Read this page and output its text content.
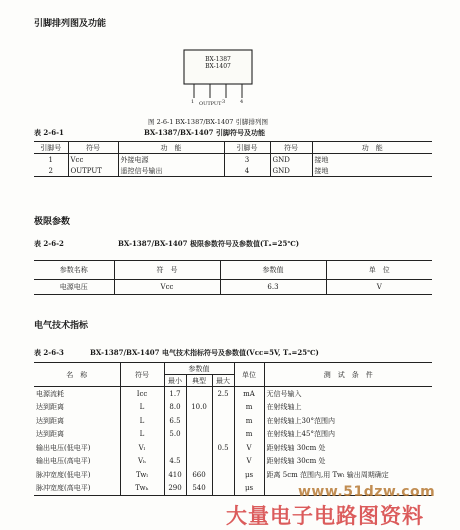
引脚排列图及功能
BX-1387
BX-1407
1 OUTPUT 3	4
图 2-6-1 BX-1387/BX-1407 引脚排列图
表 2-6-1	BX-1387/BX-1407 引脚符号及功能
引脚号	符号	功　能	引脚号	符号	功　能
1	Vcc	外接电源	3	GND	接地
2	OUTPUT	遥控信号输出	4	GND	接地
极限参数
表 2-6-2	BX-1387/BX-1407 极限参数符号及参数值(Tₐ=25℃)
参数名称	符　号	参数值	单　位
电源电压	Vcc	6.3	V
电气技术指标
表 2-6-3	BX-1387/BX-1407 电气技术指标符号及参数值(Vcc=5V, Tₐ=25℃)
名　称	符号	参数值			单位	测　试　条　件
		最小	典型	最大		
电源流耗	Icc	1.7		2.5	mA	无信号输入
达到距离	L	8.0	10.0		m	在射线轴上
达到距离	L	6.5			m	在射线轴上30°范围内
达到距离	L	5.0			m	在射线轴上45°范围内
输出电压(低电平)	Vₗ			0.5	V	距射线轴 30cm 处
输出电压(高电平)	Vₕ	4.5			V	距射线轴 30cm 处
脉冲宽度(低电平)	Twₗ	410	660		μs	距离 5cm 范围内,用 Twₗ 输出周期确定
脉冲宽度(高电平)	Twₕ	290	540		μs		www.51dzw.com
大量电子电路图资料
